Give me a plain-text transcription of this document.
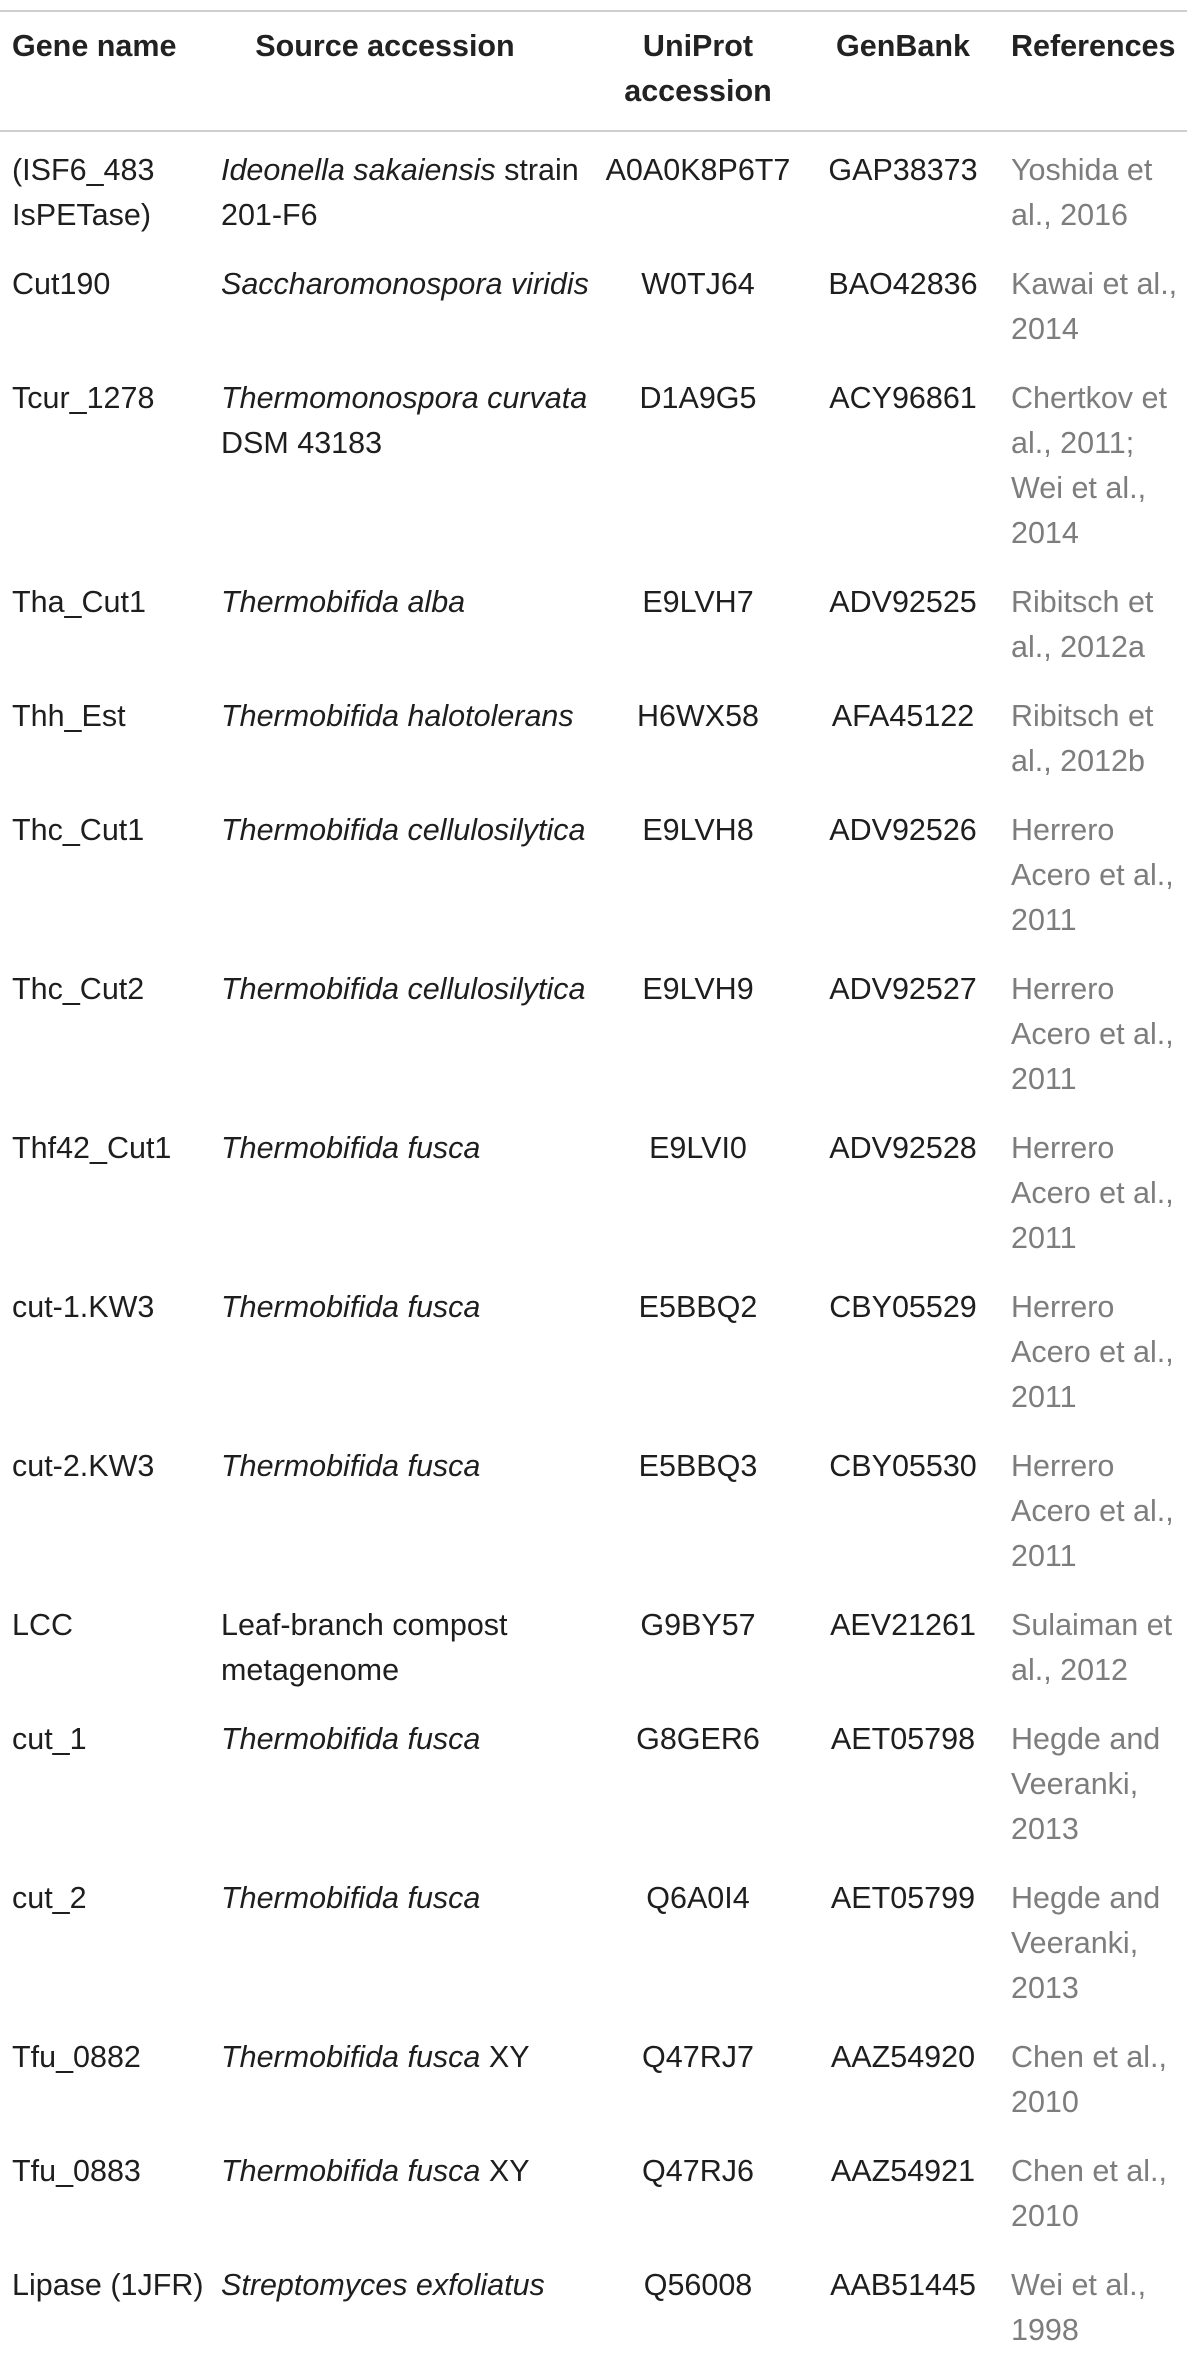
Gene name	Source accession	UniProt accession	GenBank	References
(ISF6_483 IsPETase)	Ideonella sakaiensis strain 201-F6	A0A0K8P6T7	GAP38373	Yoshida et al., 2016
Cut190	Saccharomonospora viridis	W0TJ64	BAO42836	Kawai et al., 2014
Tcur_1278	Thermomonospora curvata DSM 43183	D1A9G5	ACY96861	Chertkov et al., 2011; Wei et al., 2014
Tha_Cut1	Thermobifida alba	E9LVH7	ADV92525	Ribitsch et al., 2012a
Thh_Est	Thermobifida halotolerans	H6WX58	AFA45122	Ribitsch et al., 2012b
Thc_Cut1	Thermobifida cellulosilytica	E9LVH8	ADV92526	Herrero Acero et al., 2011
Thc_Cut2	Thermobifida cellulosilytica	E9LVH9	ADV92527	Herrero Acero et al., 2011
Thf42_Cut1	Thermobifida fusca	E9LVI0	ADV92528	Herrero Acero et al., 2011
cut-1.KW3	Thermobifida fusca	E5BBQ2	CBY05529	Herrero Acero et al., 2011
cut-2.KW3	Thermobifida fusca	E5BBQ3	CBY05530	Herrero Acero et al., 2011
LCC	Leaf-branch compost metagenome	G9BY57	AEV21261	Sulaiman et al., 2012
cut_1	Thermobifida fusca	G8GER6	AET05798	Hegde and Veeranki, 2013
cut_2	Thermobifida fusca	Q6A0I4	AET05799	Hegde and Veeranki, 2013
Tfu_0882	Thermobifida fusca XY	Q47RJ7	AAZ54920	Chen et al., 2010
Tfu_0883	Thermobifida fusca XY	Q47RJ6	AAZ54921	Chen et al., 2010
Lipase (1JFR)	Streptomyces exfoliatus	Q56008	AAB51445	Wei et al., 1998
